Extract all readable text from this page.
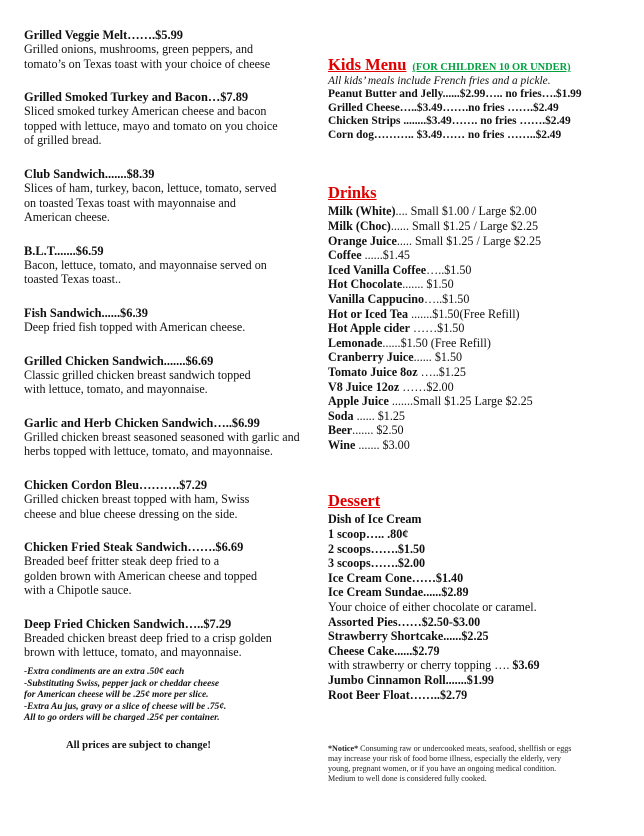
Grilled Veggie Melt…….$5.99
Grilled onions, mushrooms, green peppers, and
tomato’s on Texas toast with your choice of cheese
Grilled Smoked Turkey and Bacon…$7.89
Sliced smoked turkey American cheese and bacon
topped with lettuce, mayo and tomato on you choice
of grilled bread.
Club Sandwich.......$8.39
Slices of ham, turkey, bacon, lettuce, tomato, served
on toasted Texas toast with mayonnaise and
American cheese.
B.L.T.......$6.59
Bacon, lettuce, tomato, and mayonnaise served on
toasted Texas toast..
Fish Sandwich......$6.39
Deep fried fish topped with American cheese.
Grilled Chicken Sandwich.......$6.69
Classic grilled chicken breast sandwich topped
with lettuce, tomato, and mayonnaise.
Garlic and Herb Chicken Sandwich…..$6.99
Grilled chicken breast seasoned seasoned with garlic and
herbs topped with lettuce, tomato, and mayonnaise.
Chicken Cordon Bleu……….$7.29
Grilled chicken breast topped with ham, Swiss
cheese and blue cheese dressing on the side.
Chicken Fried Steak Sandwich…….$6.69
Breaded beef fritter steak deep fried to a
golden brown with American cheese and topped
with a Chipotle sauce.
Deep Fried Chicken Sandwich…..$7.29
Breaded chicken breast deep fried to a crisp golden
brown with lettuce, tomato, and mayonnaise.
-Extra condiments are an extra .50¢ each
-Substituting Swiss, pepper jack or cheddar cheese
for American cheese will be .25¢ more per slice.
-Extra Au jus, gravy or a slice of cheese will be .75¢.
All to go orders will be charged .25¢ per container.
All prices are subject to change!
Kids Menu (FOR CHILDREN 10 OR UNDER)
All kids’ meals include French fries and a pickle.
Peanut Butter and Jelly......$2.99….. no fries….$1.99
Grilled Cheese…..$3.49…….no fries …….$2.49
Chicken Strips ........$3.49……. no fries …….$2.49
Corn dog……….. $3.49…… no fries ……..$2.49
Drinks
Milk (White).... Small $1.00 / Large $2.00
Milk (Choc)...... Small $1.25 / Large $2.25
Orange Juice..... Small $1.25 / Large $2.25
Coffee ......$1.45
Iced Vanilla Coffee…..$1.50
Hot Chocolate....... $1.50
Vanilla Cappucino…..$1.50
Hot or Iced Tea .......$1.50(Free Refill)
Hot Apple cider ……$1.50
Lemonade......$1.50 (Free Refill)
Cranberry Juice...... $1.50
Tomato Juice 8oz …..$1.25
V8 Juice 12oz ……$2.00
Apple Juice .......Small $1.25 Large $2.25
Soda ...... $1.25
Beer....... $2.50
Wine ....... $3.00
Dessert
Dish of Ice Cream
1 scoop….. .80¢
2 scoops…….$1.50
3 scoops…….$2.00
Ice Cream Cone……$1.40
Ice Cream Sundae......$2.89
Your choice of either chocolate or caramel.
Assorted Pies……$2.50-$3.00
Strawberry Shortcake......$2.25
Cheese Cake......$2.79
with strawberry or cherry topping …. $3.69
Jumbo Cinnamon Roll.......$1.99
Root Beer Float……..$2.79
*Notice* Consuming raw or undercooked meats, seafood, shellfish or eggs may increase your risk of food borne illness, especially the elderly, very young, pregnant women, or if you have an ongoing medical condition. Medium to well done is considered fully cooked.
